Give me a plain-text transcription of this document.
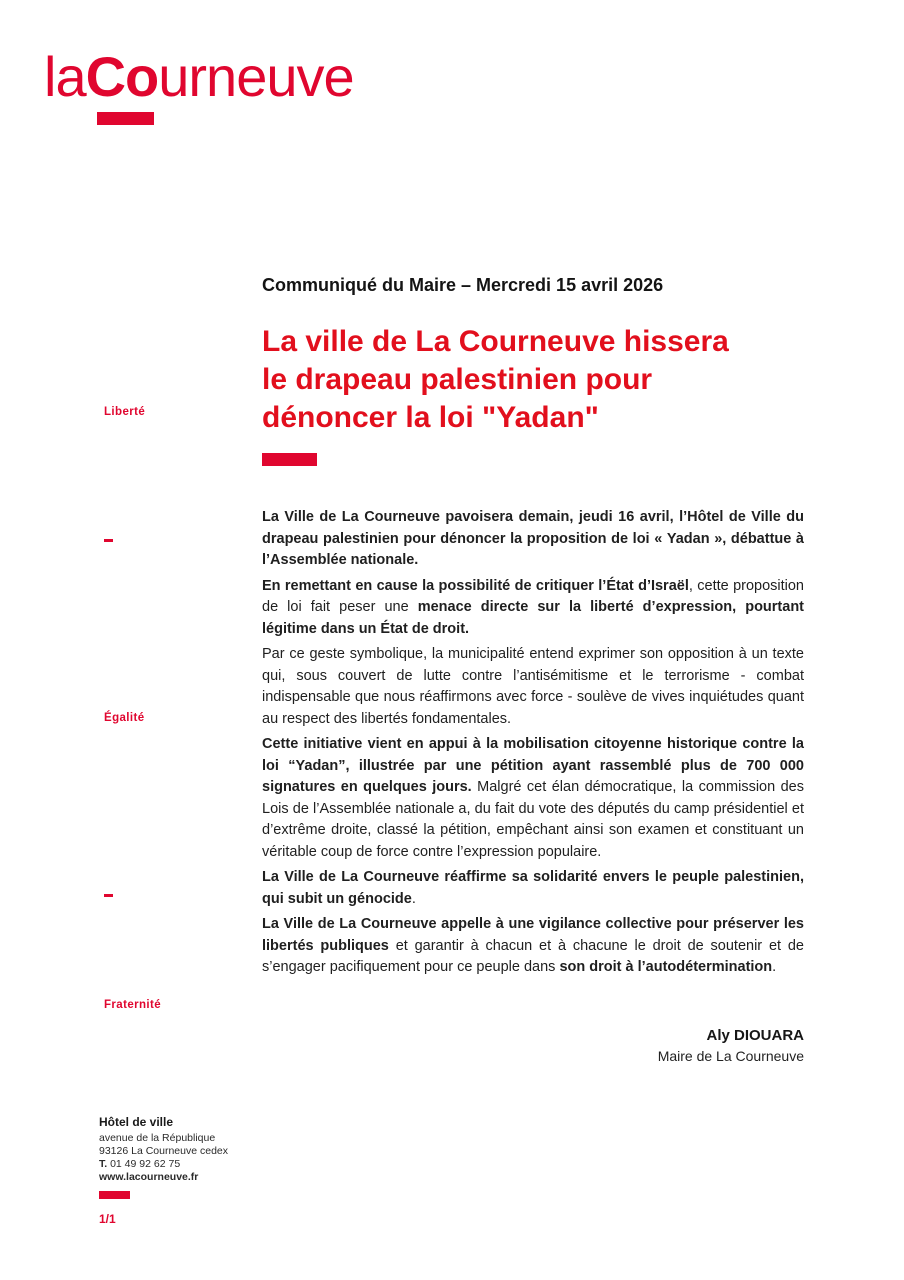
laCourneuve
Liberté
Égalité
Fraternité
Communiqué du Maire – Mercredi 15 avril 2026
La ville de La Courneuve hissera
le drapeau palestinien pour
dénoncer la loi "Yadan"

La Ville de La Courneuve pavoisera demain, jeudi 16 avril, l’Hôtel de Ville du drapeau palestinien pour dénoncer la proposition de loi « Yadan », débattue à l’Assemblée nationale.

En remettant en cause la possibilité de critiquer l’État d’Israël, cette proposition de loi fait peser une menace directe sur la liberté d’expression, pourtant légitime dans un État de droit.

Par ce geste symbolique, la municipalité entend exprimer son opposition à un texte qui, sous couvert de lutte contre l’antisémitisme et le terrorisme - combat indispensable que nous réaffirmons avec force - soulève de vives inquiétudes quant au respect des libertés fondamentales.

Cette initiative vient en appui à la mobilisation citoyenne historique contre la loi “Yadan”, illustrée par une pétition ayant rassemblé plus de 700 000 signatures en quelques jours. Malgré cet élan démocratique, la commission des Lois de l’Assemblée nationale a, du fait du vote des députés du camp présidentiel et d’extrême droite, classé la pétition, empêchant ainsi son examen et constituant un véritable coup de force contre l’expression populaire.

La Ville de La Courneuve réaffirme sa solidarité envers le peuple palestinien, qui subit un génocide.

La Ville de La Courneuve appelle à une vigilance collective pour préserver les libertés publiques et garantir à chacun et à chacune le droit de soutenir et de s’engager pacifiquement pour ce peuple dans son droit à l’autodétermination.

Aly DIOUARA
Maire de La Courneuve
Hôtel de ville
avenue de la République
93126 La Courneuve cedex
T. 01 49 92 62 75
www.lacourneuve.fr
1/1
